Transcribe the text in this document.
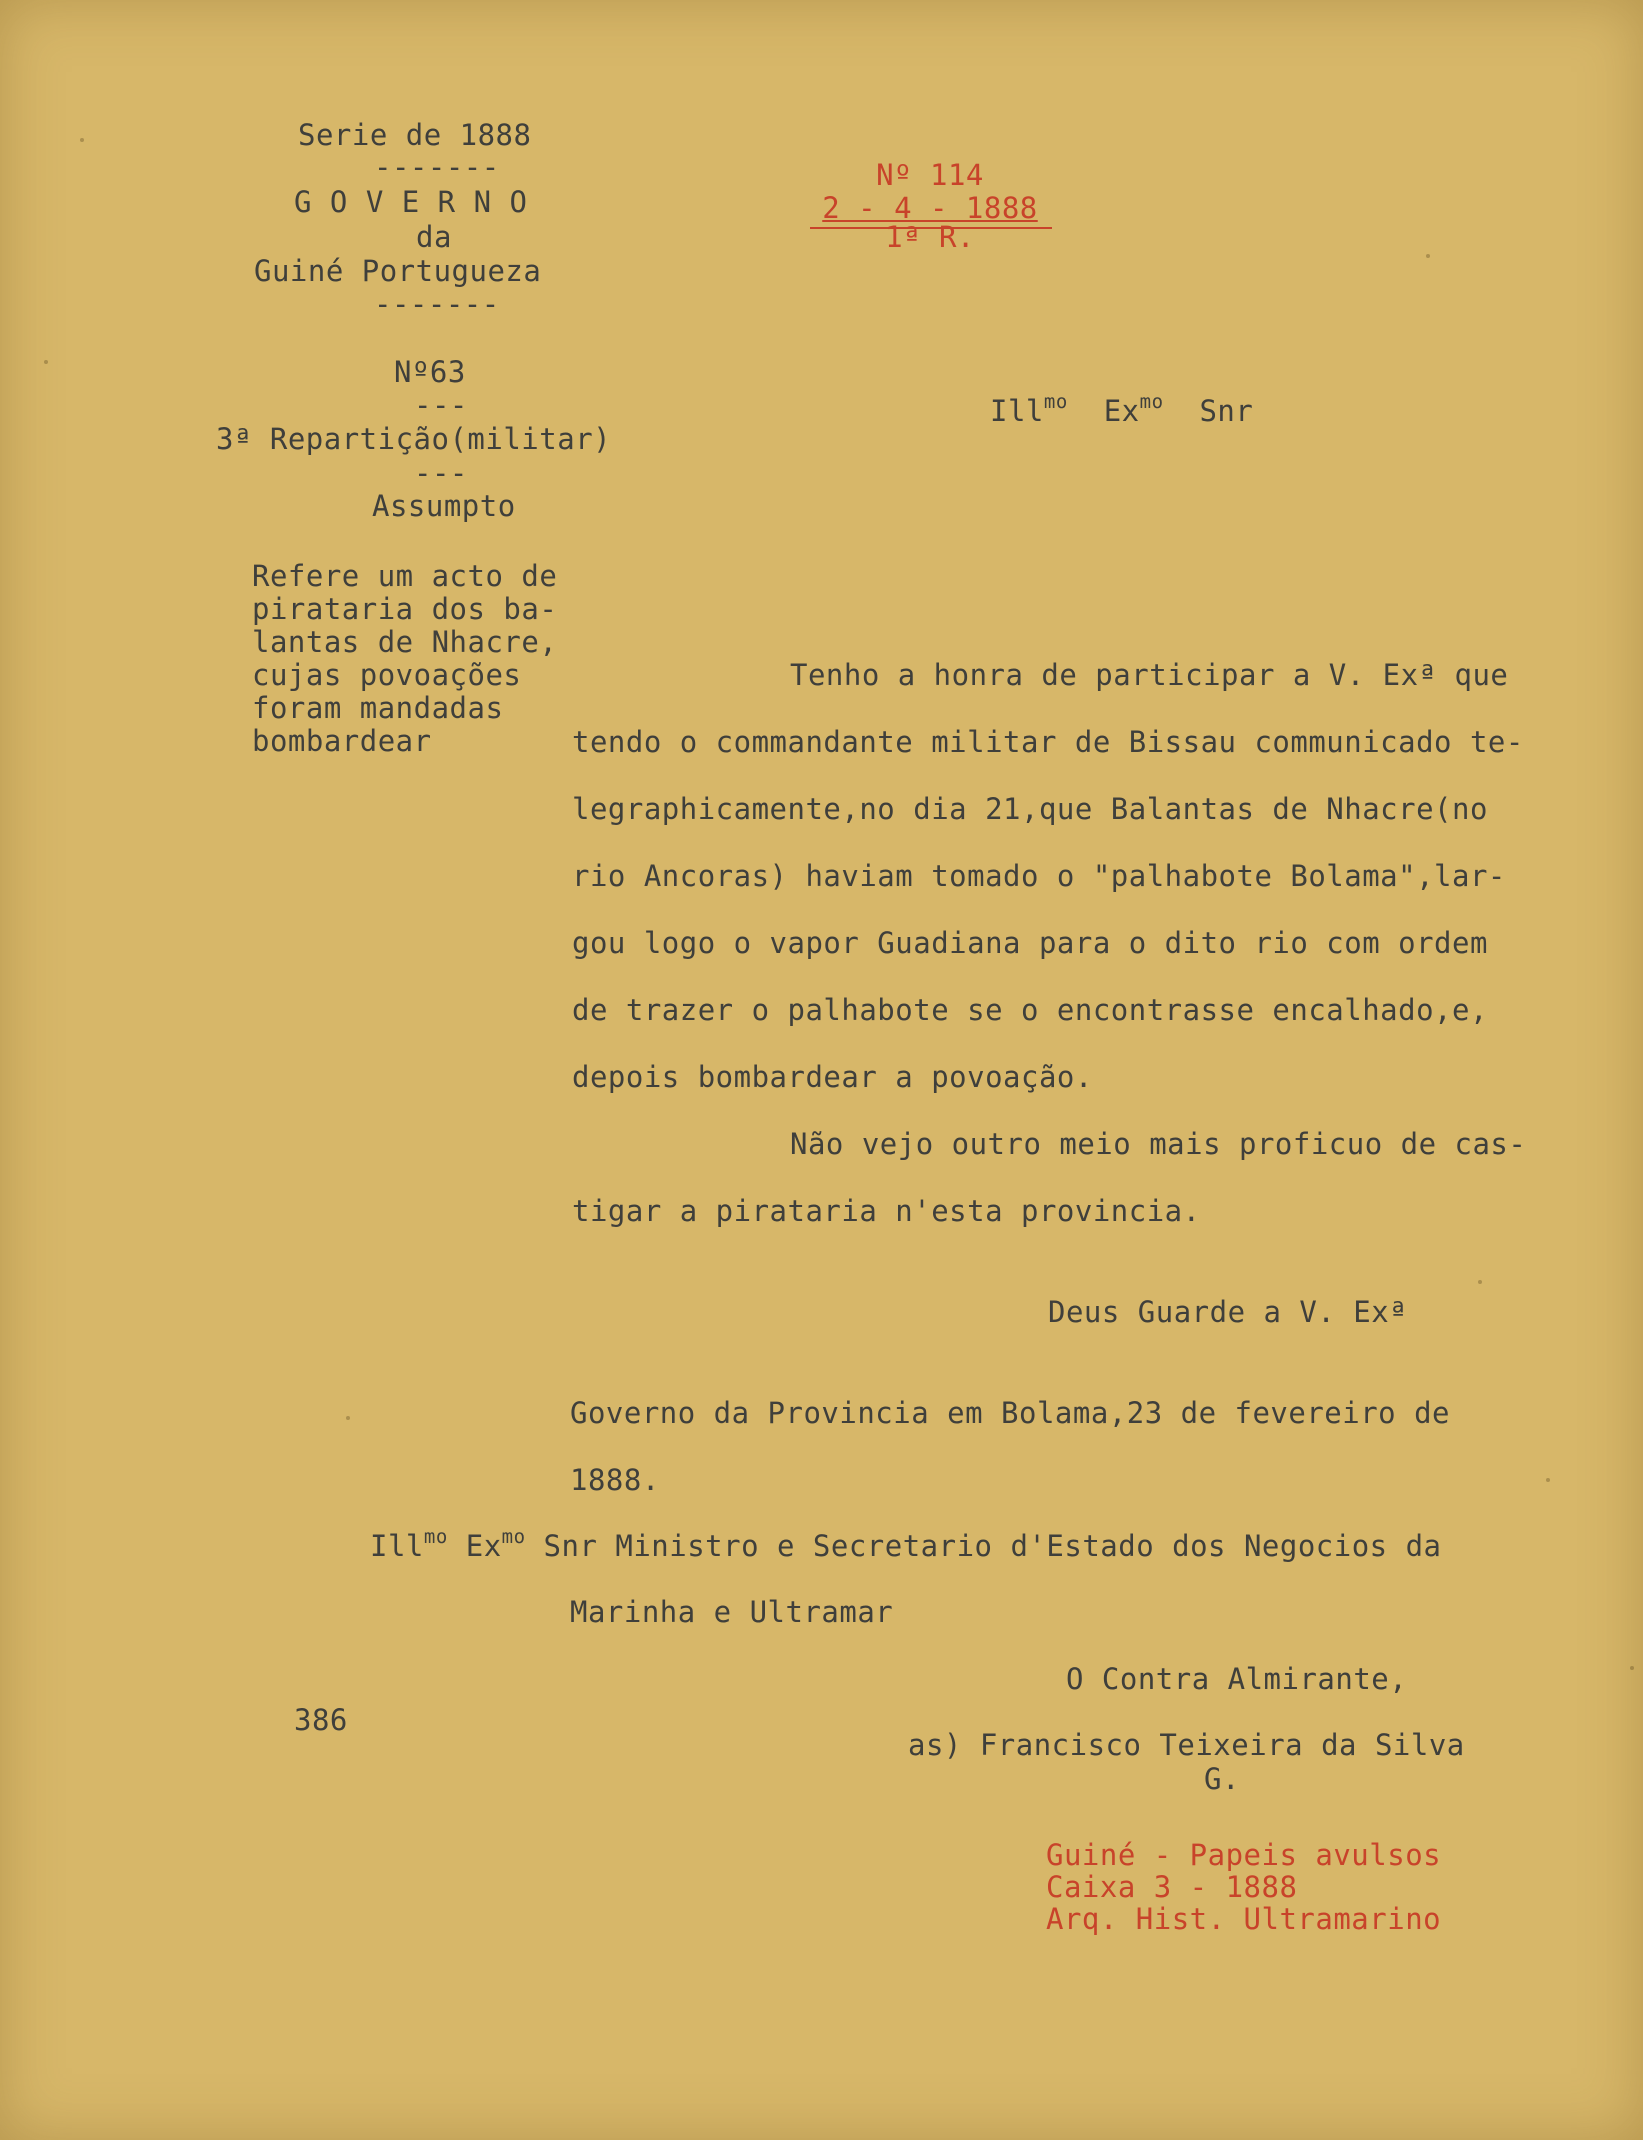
Serie de 1888
-------
G O V E R N O
da
Guiné Portugueza
-------
Nº63
---
3ª Repartição(militar)
---
Assumpto
Refere um acto de
pirataria dos ba-
lantas de Nhacre,
cujas povoações
foram mandadas
bombardear
Nº 114
2 - 4 - 1888
1ª R.
Ill$^{mo}$ $Ex^{mo}$ Snr
Tenho a honra de participar a V. Exª que
tendo o commandante militar de Bissau communicado te-
legraphicamente,no dia 21,que Balantas de Nhacre(no
rio Ancoras) haviam tomado o "palhabote Bolama",lar-
gou logo o vapor Guadiana para o dito rio com ordem
de trazer o palhabote se o encontrasse encalhado,e,
depois bombardear a povoação.
Não vejo outro meio mais proficuo de cas-
tigar a pirataria n'esta provincia.
Deus Guarde a V. Exª
Governo da Provincia em Bolama,23 de fevereiro de
1888.
Ill$^{mo}$ $Ex^{mo}$ Snr Ministro e Secretario d'Estado dos Negocios da
Marinha e Ultramar
386
O Contra Almirante,
as) Francisco Teixeira da Silva
G.
Guiné - Papeis avulsos
Caixa 3 - 1888
Arq. Hist. Ultramarino
